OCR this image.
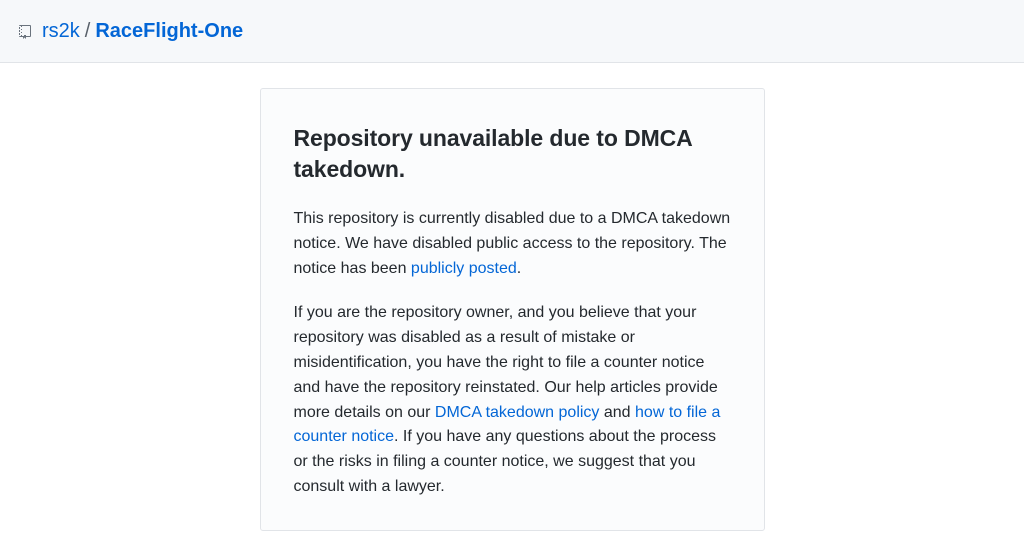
rs2k / RaceFlight-One
Repository unavailable due to DMCA takedown.

This repository is currently disabled due to a DMCA takedown notice. We have disabled public access to the repository. The notice has been publicly posted.

If you are the repository owner, and you believe that your repository was disabled as a result of mistake or misidentification, you have the right to file a counter notice and have the repository reinstated. Our help articles provide more details on our DMCA takedown policy and how to file a counter notice. If you have any questions about the process or the risks in filing a counter notice, we suggest that you consult with a lawyer.
